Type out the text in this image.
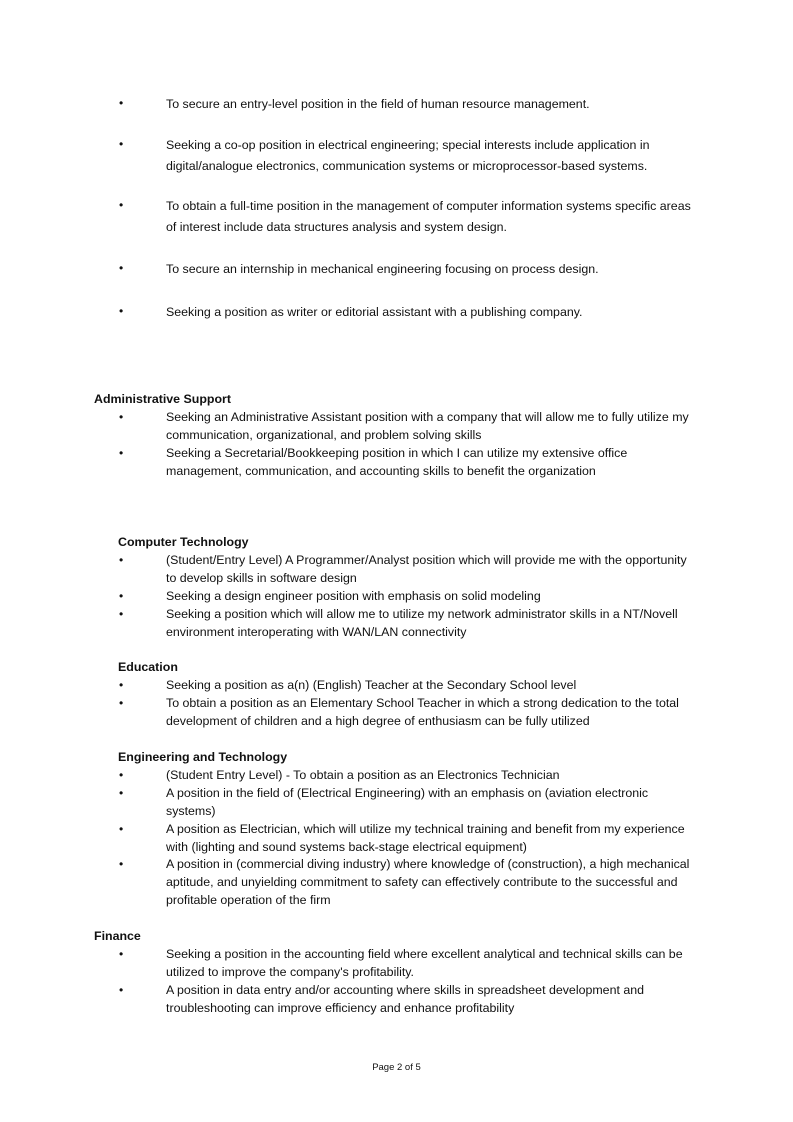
•	To secure an entry-level position in the field of human resource management.
•	Seeking a co-op position in electrical engineering; special interests include application in digital/analogue electronics, communication systems or microprocessor-based systems.
•	To obtain a full-time position in the management of computer information systems specific areas of interest include data structures analysis and system design.
•	To secure an internship in mechanical engineering focusing on process design.
•	Seeking a position as writer or editorial assistant with a publishing company.
Administrative Support
•	Seeking an Administrative Assistant position with a company that will allow me to fully utilize my communication, organizational, and problem solving skills
•	Seeking a Secretarial/Bookkeeping position in which I can utilize my extensive office management, communication, and accounting skills to benefit the organization
Computer Technology
•	(Student/Entry Level) A Programmer/Analyst position which will provide me with the opportunity to develop skills in software design
•	Seeking a design engineer position with emphasis on solid modeling
•	Seeking a position which will allow me to utilize my network administrator skills in a NT/Novell environment interoperating with WAN/LAN connectivity
Education
•	Seeking a position as a(n) (English) Teacher at the Secondary School level
•	To obtain a position as an Elementary School Teacher in which a strong dedication to the total development of children and a high degree of enthusiasm can be fully utilized
Engineering and Technology
•	(Student Entry Level) - To obtain a position as an Electronics Technician
•	A position in the field of (Electrical Engineering) with an emphasis on (aviation electronic systems)
•	A position as Electrician, which will utilize my technical training and benefit from my experience with (lighting and sound systems back-stage electrical equipment)
•	A position in (commercial diving industry) where knowledge of (construction), a high mechanical aptitude, and unyielding commitment to safety can effectively contribute to the successful and profitable operation of the firm
Finance
•	Seeking a position in the accounting field where excellent analytical and technical skills can be utilized to improve the company's profitability.
•	A position in data entry and/or accounting where skills in spreadsheet development and troubleshooting can improve efficiency and enhance profitability
Page 2 of 5
